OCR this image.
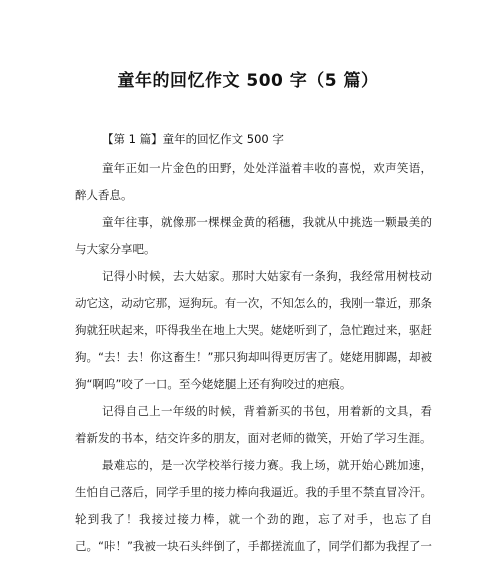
童年的回忆作文 500 字（5 篇）
【第 1 篇】童年的回忆作文 500 字

童年正如一片金色的田野，处处洋溢着丰收的喜悦，欢声笑语，醉人香息。

童年往事，就像那一棵棵金黄的稻穗，我就从中挑选一颗最美的与大家分享吧。

记得小时候，去大姑家。那时大姑家有一条狗，我经常用树枝动动它这，动动它那，逗狗玩。有一次，不知怎么的，我刚一靠近，那条狗就狂吠起来，吓得我坐在地上大哭。姥姥听到了，急忙跑过来，驱赶狗。“去！去！你这畜生！”那只狗却叫得更厉害了。姥姥用脚踢，却被狗“啊呜”咬了一口。至今姥姥腿上还有狗咬过的疤痕。

记得自己上一年级的时候，背着新买的书包，用着新的文具，看着新发的书本，结交许多的朋友，面对老师的微笑，开始了学习生涯。

最难忘的，是一次学校举行接力赛。我上场，就开始心跳加速，生怕自己落后，同学手里的接力棒向我逼近。我的手里不禁直冒冷汗。轮到我了！我接过接力棒，就一个劲的跑，忘了对手，也忘了自己。“咔！”我被一块石头绊倒了，手都搓流血了，同学们都为我捏了一
